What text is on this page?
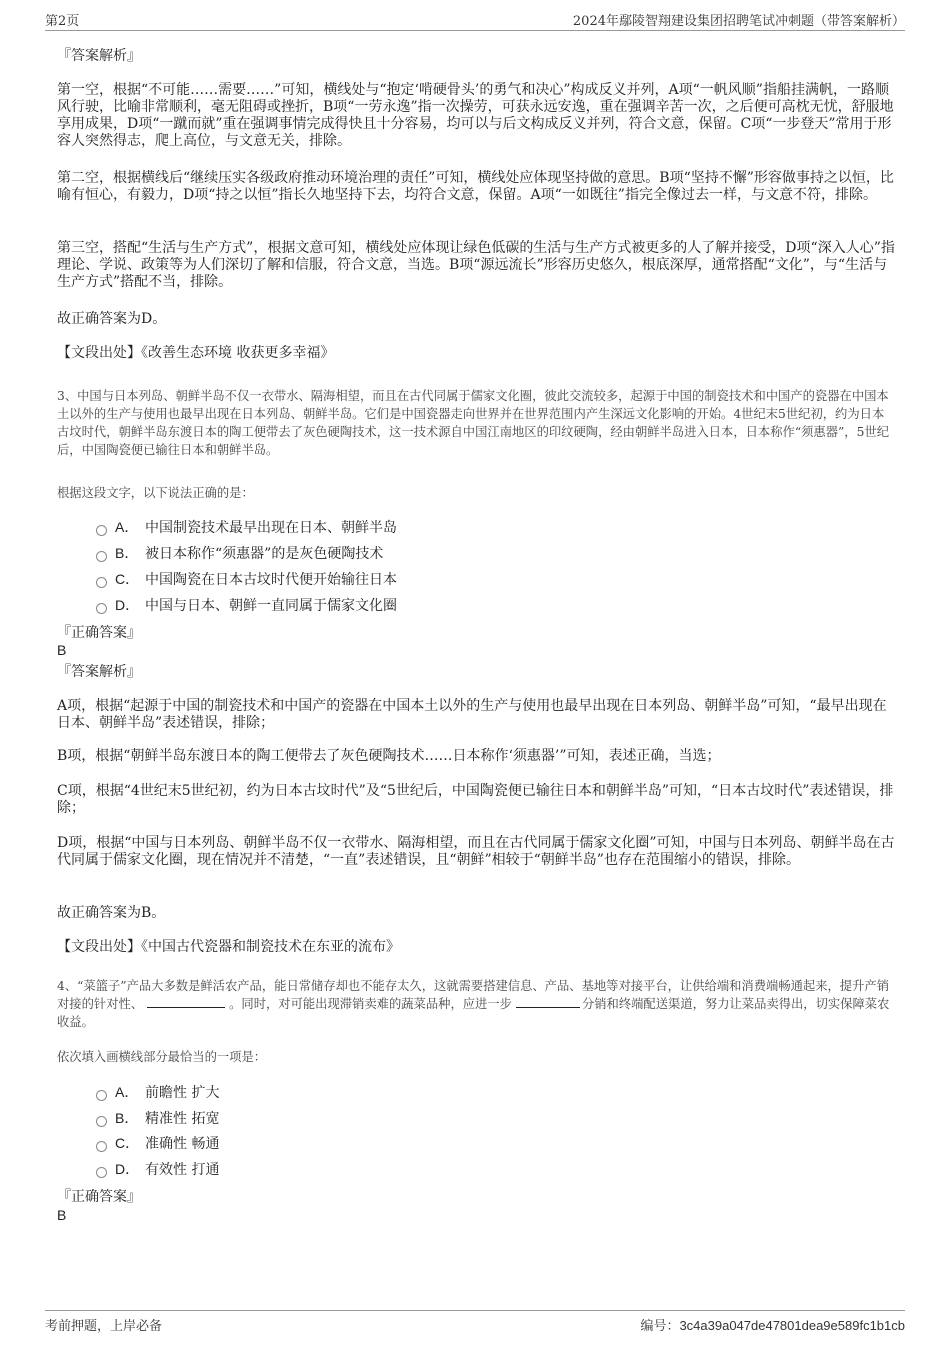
第2页	2024年鄢陵智翔建设集团招聘笔试冲刺题（带答案解析）
『答案解析』
第一空，根据“不可能……需要……”可知，横线处与“抱定‘啃硬骨头’的勇气和决心”构成反义并列，A项“一帆风顺”指船挂满帆，一路顺风行驶，比喻非常顺利，毫无阻碍或挫折，B项“一劳永逸”指一次操劳，可获永远安逸，重在强调辛苦一次，之后便可高枕无忧，舒服地享用成果，D项“一蹴而就”重在强调事情完成得快且十分容易，均可以与后文构成反义并列，符合文意，保留。C项“一步登天”常用于形容人突然得志，爬上高位，与文意无关，排除。
第二空，根据横线后“继续压实各级政府推动环境治理的责任”可知，横线处应体现坚持做的意思。B项“坚持不懈”形容做事持之以恒，比喻有恒心，有毅力，D项“持之以恒”指长久地坚持下去，均符合文意，保留。A项“一如既往”指完全像过去一样，与文意不符，排除。
第三空，搭配“生活与生产方式”，根据文意可知，横线处应体现让绿色低碳的生活与生产方式被更多的人了解并接受，D项“深入人心”指理论、学说、政策等为人们深切了解和信服，符合文意，当选。B项“源远流长”形容历史悠久，根底深厚，通常搭配“文化”，与“生活与生产方式”搭配不当，排除。
故正确答案为D。
【文段出处】《改善生态环境 收获更多幸福》
3、中国与日本列岛、朝鲜半岛不仅一衣带水、隔海相望，而且在古代同属于儒家文化圈，彼此交流较多，起源于中国的制瓷技术和中国产的瓷器在中国本土以外的生产与使用也最早出现在日本列岛、朝鲜半岛。它们是中国瓷器走向世界并在世界范围内产生深远文化影响的开始。4世纪末5世纪初，约为日本古坟时代，朝鲜半岛东渡日本的陶工便带去了灰色硬陶技术，这一技术源自中国江南地区的印纹硬陶，经由朝鲜半岛进入日本，日本称作“须惠器”，5世纪后，中国陶瓷便已输往日本和朝鲜半岛。
根据这段文字，以下说法正确的是：
A． 中国制瓷技术最早出现在日本、朝鲜半岛
B． 被日本称作“须惠器”的是灰色硬陶技术
C． 中国陶瓷在日本古坟时代便开始输往日本
D． 中国与日本、朝鲜一直同属于儒家文化圈
『正确答案』
B
『答案解析』
A项，根据“起源于中国的制瓷技术和中国产的瓷器在中国本土以外的生产与使用也最早出现在日本列岛、朝鲜半岛”可知，“最早出现在日本、朝鲜半岛”表述错误，排除；
B项，根据“朝鲜半岛东渡日本的陶工便带去了灰色硬陶技术……日本称作‘须惠器’”可知，表述正确，当选；
C项，根据“4世纪末5世纪初，约为日本古坟时代”及“5世纪后，中国陶瓷便已输往日本和朝鲜半岛”可知，“日本古坟时代”表述错误，排除；
D项，根据“中国与日本列岛、朝鲜半岛不仅一衣带水、隔海相望，而且在古代同属于儒家文化圈”可知，中国与日本列岛、朝鲜半岛在古代同属于儒家文化圈，现在情况并不清楚，“一直”表述错误，且“朝鲜”相较于“朝鲜半岛”也存在范围缩小的错误，排除。
故正确答案为B。
【文段出处】《中国古代瓷器和制瓷技术在东亚的流布》
4、“菜篮子”产品大多数是鲜活农产品，能日常储存却也不能存太久，这就需要搭建信息、产品、基地等对接平台，让供给端和消费端畅通起来，提升产销对接的针对性、	。同时，对可能出现滞销卖难的蔬菜品种，应进一步	分销和终端配送渠道，努力让菜品卖得出，切实保障菜农收益。
依次填入画横线部分最恰当的一项是：
A． 前瞻性 扩大
B． 精准性 拓宽
C． 准确性 畅通
D． 有效性 打通
『正确答案』
B
考前押题，上岸必备	编号：3c4a39a047de47801dea9e589fc1b1cb
